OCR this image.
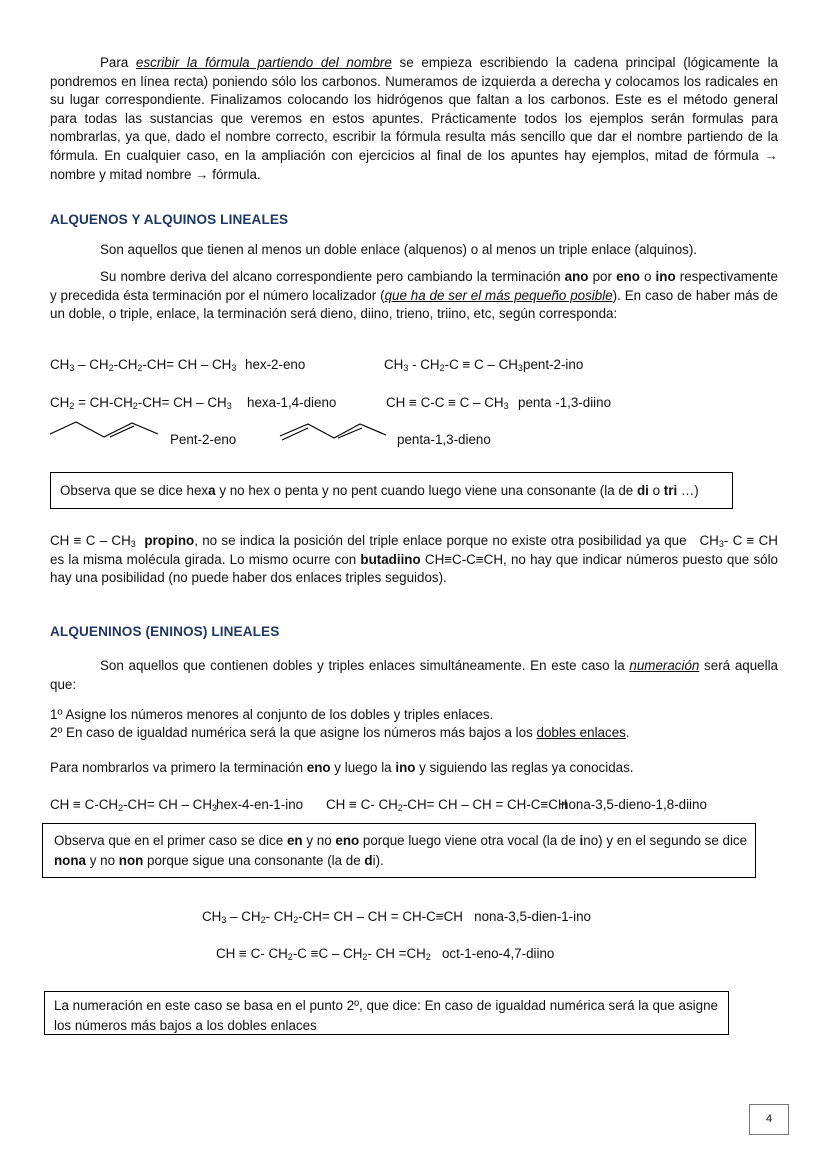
Para escribir la fórmula partiendo del nombre se empieza escribiendo la cadena principal (lógicamente la pondremos en línea recta) poniendo sólo los carbonos. Numeramos de izquierda a derecha y colocamos los radicales en su lugar correspondiente. Finalizamos colocando los hidrógenos que faltan a los carbonos. Este es el método general para todas las sustancias que veremos en estos apuntes. Prácticamente todos los ejemplos serán formulas para nombrarlas, ya que, dado el nombre correcto, escribir la fórmula resulta más sencillo que dar el nombre partiendo de la fórmula. En cualquier caso, en la ampliación con ejercicios al final de los apuntes hay ejemplos, mitad de fórmula → nombre y mitad nombre → fórmula.
ALQUENOS Y ALQUINOS LINEALES
Son aquellos que tienen al menos un doble enlace (alquenos) o al menos un triple enlace (alquinos).
Su nombre deriva del alcano correspondiente pero cambiando la terminación ano por eno o ino respectivamente y precedida ésta terminación por el número localizador (que ha de ser el más pequeño posible). En caso de haber más de un doble, o triple, enlace, la terminación será dieno, diino, trieno, triino, etc, según corresponda:
$CH_3 - CH_2-CH_2-CH=$ CH – $CH_3$ hex-2-eno	$CH_3 - CH_2-C \equiv C - CH_3$ pent-2-ino
$CH_2 = CH-CH_2-CH=$ CH – $CH_3$ hexa-1,4-dieno	CH ≡ $C-C \equiv C - CH_3$ penta -1,3-diino
Pent-2-eno	penta-1,3-dieno
Observa que se dice hexa y no hex o penta y no pent cuando luego viene una consonante (la de di o tri …)
CH ≡ C – $CH_3$ propino, no se indica la posición del triple enlace porque no existe otra posibilidad ya que   $CH_3-$ C ≡ CH es la misma molécula girada. Lo mismo ocurre con butadiino CH≡C-C≡CH, no hay que indicar números puesto que sólo hay una posibilidad (no puede haber dos enlaces triples seguidos).
ALQUENINOS (ENINOS) LINEALES
Son aquellos que contienen dobles y triples enlaces simultáneamente. En este caso la numeración será aquella que:
1º Asigne los números menores al conjunto de los dobles y triples enlaces.
2º En caso de igualdad numérica será la que asigne los números más bajos a los dobles enlaces.
Para nombrarlos va primero la terminación eno y luego la ino y siguiendo las reglas ya conocidas.
CH ≡ $C-CH_2-CH=$ CH – $CH_3$
hex-4-en-1-ino CH ≡ C- $CH_2-CH=$ CH – CH = CH-C≡CH
nona-3,5-dieno-1,8-diino
Observa que en el primer caso se dice en y no eno porque luego viene otra vocal (la de ino) y en el segundo se dice nona y no non porque sigue una consonante (la de di).
$CH_3 - CH_2-$ $CH_2-CH=$ CH – CH = CH-C≡CH   nona-3,5-dien-1-ino
CH ≡ C- $CH_2-C \equiv C - CH_2-$ CH $=CH_2$ oct-1-eno-4,7-diino
La numeración en este caso se basa en el punto 2º, que dice: En caso de igualdad numérica será la que asigne los números más bajos a los dobles enlaces
4
